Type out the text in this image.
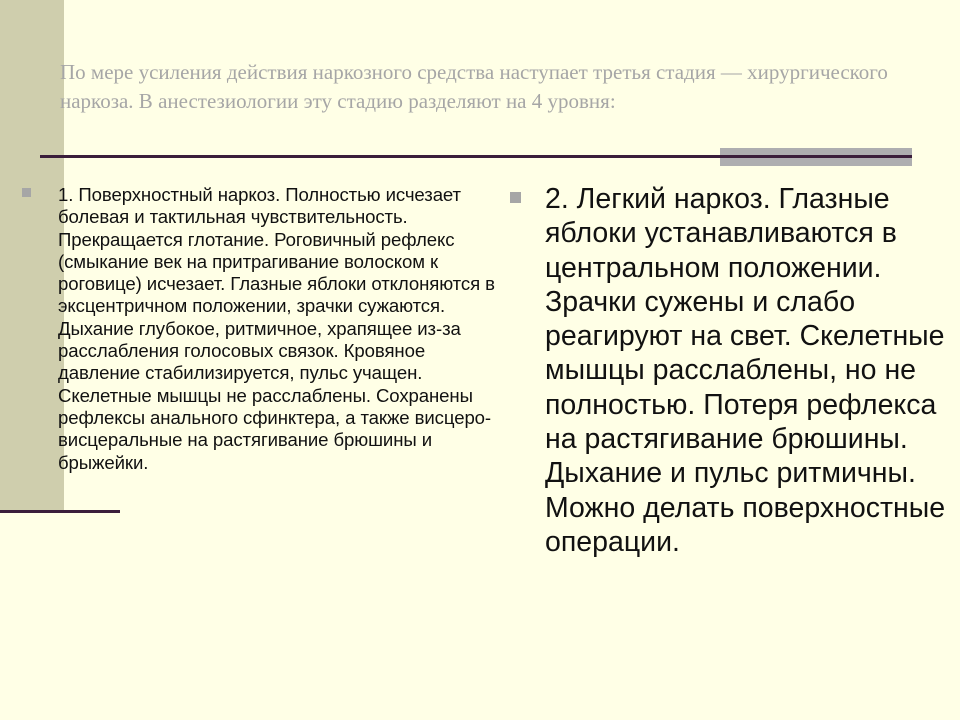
По мере усиления действия наркозного средства наступает третья стадия — хирургического наркоза. В анестезиологии эту стадию разделяют на 4 уровня:

1. Поверхностный наркоз. Полностью исчезает болевая и тактильная чувствительность. Прекращается глотание. Роговичный рефлекс (смыкание век на притрагивание волоском к роговице) исчезает. Глазные яблоки отклоняются в эксцентричном положении, зрачки сужаются. Дыхание глубокое, ритмичное, храпящее из-за расслабления голосовых связок. Кровяное давление стабилизируется, пульс учащен. Скелетные мышцы не расслаблены. Сохранены рефлексы анального сфинктера, а также висцеро-висцеральные на растягивание брюшины и брыжейки.

2. Легкий наркоз. Глазные яблоки устанавливаются в центральном положении. Зрачки сужены и слабо реагируют на свет. Скелетные мышцы расслаблены, но не полностью. Потеря рефлекса на растягивание брюшины. Дыхание и пульс ритмичны. Можно делать поверхностные операции.
